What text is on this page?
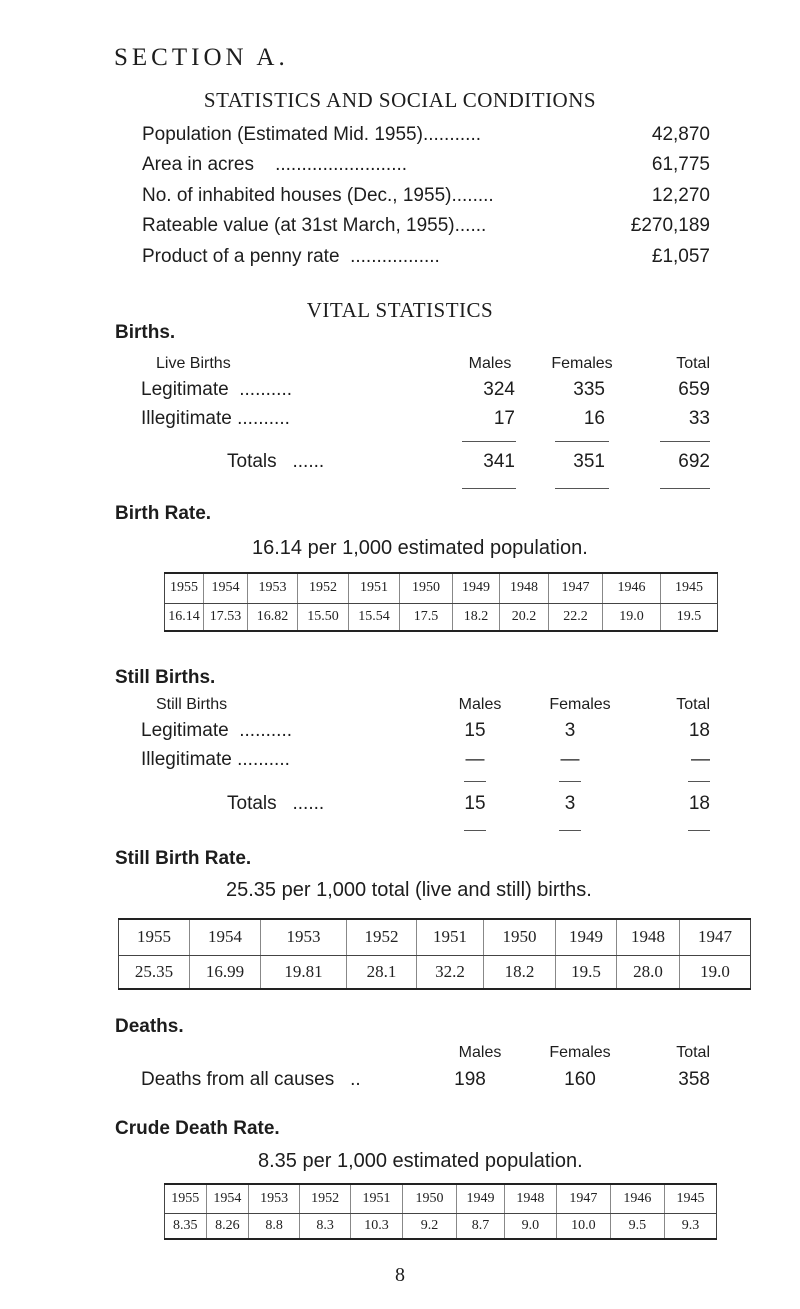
SECTION A.
STATISTICS AND SOCIAL CONDITIONS
Population (Estimated Mid. 1955)...........	42,870
Area in acres .........................	61,775
No. of inhabited houses (Dec., 1955)........	12,270
Rateable value (at 31st March, 1955)......	£270,189
Product of a penny rate .................	£1,057
VITAL STATISTICS
Births.
Live Births	Males	Females	Total
Legitimate ..........	324	335	659
Illegitimate ..........	17	16	33
Totals ......	341	351	692
Birth Rate.
16.14 per 1,000 estimated population.
1955	1954	1953	1952	1951	1950	1949	1948	1947	1946	1945
16.14	17.53	16.82	15.50	15.54	17.5	18.2	20.2	22.2	19.0	19.5
Still Births.
Still Births	Males	Females	Total
Legitimate ..........	15	3	18
Illegitimate ..........	—	—	—
Totals ......	15	3	18
Still Birth Rate.
25.35 per 1,000 total (live and still) births.
1955	1954	1953	1952	1951	1950	1949	1948	1947
25.35	16.99	19.81	28.1	32.2	18.2	19.5	28.0	19.0
Deaths.
Males	Females	Total
Deaths from all causes ..	198	160	358
Crude Death Rate.
8.35 per 1,000 estimated population.
1955	1954	1953	1952	1951	1950	1949	1948	1947	1946	1945
8.35	8.26	8.8	8.3	10.3	9.2	8.7	9.0	10.0	9.5	9.3
8
